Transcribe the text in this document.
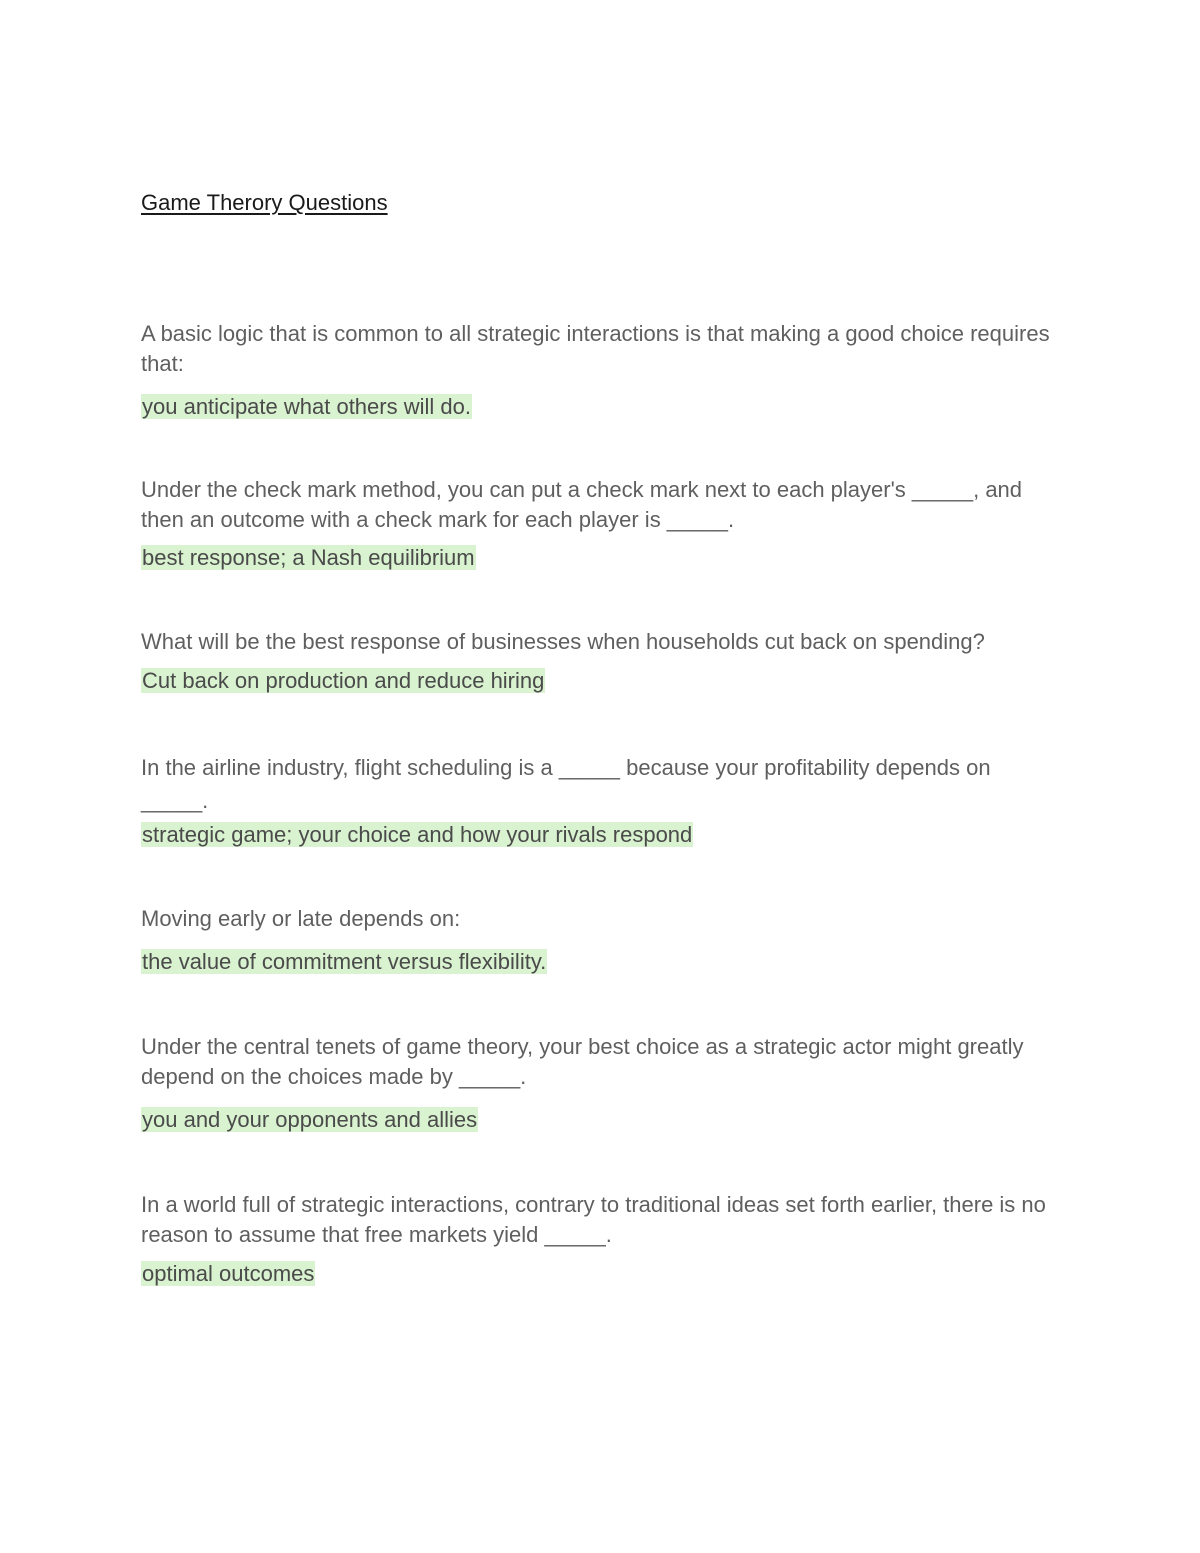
Game Therory Questions

A basic logic that is common to all strategic interactions is that making a good choice requires that:

you anticipate what others will do.

Under the check mark method, you can put a check mark next to each player's _____, and then an outcome with a check mark for each player is _____.

best response; a Nash equilibrium

What will be the best response of businesses when households cut back on spending?

Cut back on production and reduce hiring

In the airline industry, flight scheduling is a _____ because your profitability depends on _____.

strategic game; your choice and how your rivals respond

Moving early or late depends on:

the value of commitment versus flexibility.

Under the central tenets of game theory, your best choice as a strategic actor might greatly depend on the choices made by _____.

you and your opponents and allies

In a world full of strategic interactions, contrary to traditional ideas set forth earlier, there is no reason to assume that free markets yield _____.

optimal outcomes
